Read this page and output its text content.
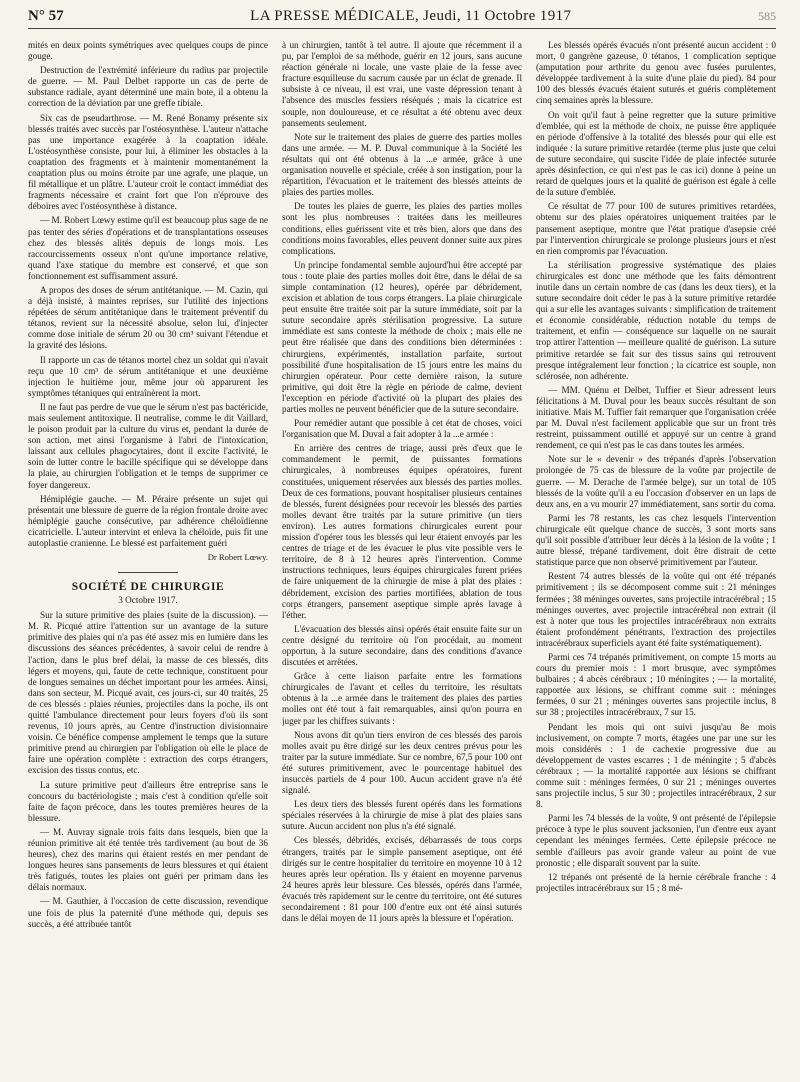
N° 57	LA PRESSE MÉDICALE, Jeudi, 11 Octobre 1917	585

mités en deux points symétriques avec quelques coups de pince gouge.

Destruction de l'extrémité inférieure du radius par projectile de guerre. — M. Paul Delbet rapporte un cas de perte de substance radiale, ayant déterminé une main bote, il a obtenu la correction de la déviation par une greffe tibiale.

Six cas de pseudarthrose. — M. René Bonamy présente six blessés traités avec succès par l'ostéosynthèse. L'auteur n'attache pas une importance exagérée à la coaptation idéale. L'ostéosynthèse consiste, pour lui, à éliminer les obstacles à la coaptation des fragments et à maintenir momentanément la coaptation plus ou moins étroite par une agrafe, une plaque, un fil métallique et un plâtre. L'auteur croit le contact immédiat des fragments nécessaire et craint fort que l'on n'éprouve des déboires avec l'ostéosynthèse à distance.

— M. Robert Lœwy estime qu'il est beaucoup plus sage de ne pas tenter des séries d'opérations et de transplantations osseuses chez des blessés alités depuis de longs mois. Les raccourcissements osseux n'ont qu'une importance relative, quand l'axe statique du membre est conservé, et que son fonctionnement est suffisamment assuré.

A propos des doses de sérum antitétanique. — M. Cazin, qui a déjà insisté, à maintes reprises, sur l'utilité des injections répétées de sérum antitétanique dans le traitement préventif du tétanos, revient sur la nécessité absolue, selon lui, d'injecter comme dose initiale de sérum 20 ou 30 cm³ suivant l'étendue et la gravité des lésions.

Il rapporte un cas de tétanos mortel chez un soldat qui n'avait reçu que 10 cm³ de sérum antitétanique et une deuxième injection le huitième jour, même jour où apparurent les symptômes tétaniques qui entraînèrent la mort.

Il ne faut pas perdre de vue que le sérum n'est pas bactéricide, mais seulement antitoxique. Il neutralise, comme le dit Vaillard, le poison produit par la culture du virus et, pendant la durée de son action, met ainsi l'organisme à l'abri de l'intoxication, laissant aux cellules phagocytaires, dont il excite l'activité, le soin de lutter contre le bacille spécifique qui se développe dans la plaie, au chirurgien l'obligation et le temps de supprimer ce foyer dangereux.

Hémiplégie gauche. — M. Péraire présente un sujet qui présentait une blessure de guerre de la région frontale droite avec hémiplégie gauche consécutive, par adhérence chéloïdienne cicatricielle. L'auteur intervint et enleva la chéloïde, puis fit une autoplastie cranienne. Le blessé est parfaitement guéri

Dr Robert Lœwy.
SOCIÉTÉ DE CHIRURGIE
3 Octobre 1917.

Sur la suture primitive des plaies (suite de la discussion). — M. R. Picqué attire l'attention sur un avantage de la suture primitive des plaies qui n'a pas été assez mis en lumière dans les discussions des séances précédentes, à savoir celui de rendre à l'action, dans le plus bref délai, la masse de ces blessés, dits légers et moyens, qui, faute de cette technique, constituent pour de longues semaines un déchet important pour les armées. Ainsi, dans son secteur, M. Picqué avait, ces jours-ci, sur 40 traités, 25 de ces blessés : plaies réunies, projectiles dans la poche, ils ont quitté l'ambulance directement pour leurs foyers d'où ils sont revenus, 10 jours après, au Centre d'instruction divisionnaire voisin. Ce bénéfice compense amplement le temps que la suture primitive prend au chirurgien par l'obligation où elle le place de faire une opération complète : extraction des corps étrangers, excision des tissus contus, etc.

La suture primitive peut d'ailleurs être entreprise sans le concours du bactériologiste ; mais c'est à condition qu'elle soit faite de façon précoce, dans les toutes premières heures de la blessure.

— M. Auvray signale trois faits dans lesquels, bien que la réunion primitive ait été tentée très tardivement (au bout de 36 heures), chez des marins qui étaient restés en mer pendant de longues heures sans pansements de leurs blessures et qui étaient très fatigués, toutes les plaies ont guéri per primam dans les délais normaux.

— M. Gauthier, à l'occasion de cette discussion, revendique une fois de plus la paternité d'une méthode qui, depuis ses succès, a été attribuée tantôt

à un chirurgien, tantôt à tel autre. Il ajoute que récemment il a pu, par l'emploi de sa méthode, guérir en 12 jours, sans aucune réaction générale ni locale, une vaste plaie de la fesse avec fracture esquilleuse du sacrum causée par un éclat de grenade. Il subsiste à ce niveau, il est vrai, une vaste dépression tenant à l'absence des muscles fessiers réséqués ; mais la cicatrice est souple, non douloureuse, et ce résultat a été obtenu avec deux pansements seulement.

Note sur le traitement des plaies de guerre des parties molles dans une armée. — M. P. Duval communique à la Société les résultats qui ont été obtenus à la ...e armée, grâce à une organisation nouvelle et spéciale, créée à son instigation, pour la répartition, l'évacuation et le traitement des blessés atteints de plaies des parties molles.

De toutes les plaies de guerre, les plaies des parties molles sont les plus nombreuses : traitées dans les meilleures conditions, elles guérissent vite et très bien, alors que dans des conditions moins favorables, elles peuvent donner suite aux pires complications.

Un principe fondamental semble aujourd'hui être accepté par tous : toute plaie des parties molles doit être, dans le délai de sa simple contamination (12 heures), opérée par débridement, excision et ablation de tous corps étrangers. La plaie chirurgicale peut ensuite être traitée soit par la suture immédiate, soit par la suture secondaire après stérilisation progressive. La suture immédiate est sans conteste la méthode de choix ; mais elle ne peut être réalisée que dans des conditions bien déterminées : chirurgiens, expérimentés, installation parfaite, surtout possibilité d'une hospitalisation de 15 jours entre les mains du chirurgien opérateur. Pour cette dernière raison, la suture primitive, qui doit être la règle en période de calme, devient l'exception en période d'activité où la plupart des plaies des parties molles ne peuvent bénéficier que de la suture secondaire.

Pour remédier autant que possible à cet état de choses, voici l'organisation que M. Duval a fait adopter à la ...e armée :

En arrière des centres de triage, aussi près d'eux que le commandement le permit, de puissantes formations chirurgicales, à nombreuses équipes opératoires, furent constituées, uniquement réservées aux blessés des parties molles. Deux de ces formations, pouvant hospitaliser plusieurs centaines de blessés, furent désignées pour recevoir les blessés des parties molles devant être traités par la suture primitive (un tiers environ). Les autres formations chirurgicales eurent pour mission d'opérer tous les blessés qui leur étaient envoyés par les centres de triage et de les évacuer le plus vite possible vers le territoire, de 8 à 12 heures après l'intervention. Comme instructions techniques, leurs équipes chirurgicales furent priées de faire uniquement de la chirurgie de mise à plat des plaies : débridement, excision des parties mortifiées, ablation de tous corps étrangers, pansement aseptique simple après lavage à l'éther.

L'évacuation des blessés ainsi opérés était ensuite faite sur un centre désigné du territoire où l'on procédait, au moment opportun, à la suture secondaire, dans des conditions d'avance discutées et arrêtées.

Grâce à cette liaison parfaite entre les formations chirurgicales de l'avant et celles du territoire, les résultats obtenus à la ...e armée dans le traitement des plaies des parties molles ont été tout à fait remarquables, ainsi qu'on pourra en juger par les chiffres suivants :

Nous avons dit qu'un tiers environ de ces blessés des parois molles avait pu être dirigé sur les deux centres prévus pour les traiter par la suture immédiate. Sur ce nombre, 67,5 pour 100 ont été sutures primitivement, avec le pourcentage habituel des insuccès partiels de 4 pour 100. Aucun accident grave n'a été signalé.

Les deux tiers des blessés furent opérés dans les formations spéciales réservées à la chirurgie de mise à plat des plaies sans suture. Aucun accident non plus n'a été signalé.

Ces blessés, débridés, excisés, débarrassés de tous corps étrangers, traités par le simple pansement aseptique, ont été dirigés sur le centre hospitalier du territoire en moyenne 10 à 12 heures après leur opération. Ils y étaient en moyenne parvenus 24 heures après leur blessure. Ces blessés, opérés dans l'armée, évacués très rapidement sur le centre du territoire, ont été sutures secondairement : 81 pour 100 d'entre eux ont été ainsi suturés dans le délai moyen de 11 jours après la blessure et l'opération.

Les blessés opérés évacués n'ont présenté aucun accident : 0 mort, 0 gangrène gazeuse, 0 tétanos, 1 complication septique (amputation pour arthrite du genou avec fusées purulentes, développée tardivement à la suite d'une plaie du pied). 84 pour 100 des blessés évacués étaient suturés et guéris complètement cinq semaines après la blessure.

On voit qu'il faut à peine regretter que la suture primitive d'emblée, qui est la méthode de choix, ne puisse être appliquée en période d'offensive à la totalité des blessés pour qui elle est indiquée : la suture primitive retardée (terme plus juste que celui de suture secondaire, qui suscite l'idée de plaie infectée suturée après désinfection, ce qui n'est pas le cas ici) donne à peine un retard de quelques jours et la qualité de guérison est égale à celle de la suture d'emblée.

Ce résultat de 77 pour 100 de sutures primitives retardées, obtenu sur des plaies opératoires uniquement traitées par le pansement aseptique, montre que l'état pratique d'asepsie créé par l'intervention chirurgicale se prolonge plusieurs jours et n'est en rien compromis par l'évacuation.

La stérilisation progressive systématique des plaies chirurgicales est donc une méthode que les faits démontrent inutile dans un certain nombre de cas (dans les deux tiers), et la suture secondaire doit céder le pas à la suture primitive retardée qui a sur elle les avantages suivants : simplification de traitement et économie considérable, réduction notable du temps de traitement, et enfin — conséquence sur laquelle on ne saurait trop attirer l'attention — meilleure qualité de guérison. La suture primitive retardée se fait sur des tissus sains qui retrouvent presque intégralement leur fonction ; la cicatrice est souple, non sclérosée, non adhérente.

— MM. Quénu et Delbet, Tuffier et Sieur adressent leurs félicitations à M. Duval pour les beaux succès résultant de son initiative. Mais M. Tuffier fait remarquer que l'organisation créée par M. Duval n'est facilement applicable que sur un front très restreint, puissamment outillé et appuyé sur un centre à grand rendement, ce qui n'est pas le cas dans toutes les armées.

Note sur le « devenir » des trépanés d'après l'observation prolongée de 75 cas de blessure de la voûte par projectile de guerre. — M. Derache de l'armée belge), sur un total de 105 blessés de la voûte qu'il a eu l'occasion d'observer en un laps de deux ans, en a vu mourir 27 immédiatement, sans sortir du coma.

Parmi les 78 restants, les cas chez lesquels l'intervention chirurgicale eût quelque chance de succès, 3 sont morts sans qu'il soit possible d'attribuer leur décès à la lésion de la voûte ; 1 autre blessé, trépané tardivement, doit être distrait de cette statistique parce que non observé primitivement par l'auteur.

Restent 74 autres blessés de la voûte qui ont été trépanés primitivement ; ils se décomposent comme suit : 21 méninges fermées ; 38 méninges ouvertes, sans projectile intracérébral ; 15 méninges ouvertes, avec projectile intracérébral non extrait (il est à noter que tous les projectiles intracérébraux non extraits étaient profondément pénétrants, l'extraction des projectiles intracérébraux superficiels ayant été faite systématiquement).

Parmi ces 74 trépanés primitivement, on compte 15 morts au cours du premier mois : 1 mort brusque, avec symptômes bulbaires ; 4 abcès cérébraux ; 10 méningites ; — la mortalité, rapportée aux lésions, se chiffrant comme suit : méninges fermées, 0 sur 21 ; méninges ouvertes sans projectile inclus, 8 sur 38 ; projectiles intracérébraux, 7 sur 15.

Pendant les mois qui ont suivi jusqu'au 8e mois inclusivement, on compte 7 morts, étagées une par une sur les mois considérés : 1 de cachexie progressive due au développement de vastes escarres ; 1 de méningite ; 5 d'abcès cérébraux ; — la mortalité rapportée aux lésions se chiffrant comme suit : méninges fermées, 0 sur 21 ; méninges ouvertes sans projectile inclus, 5 sur 30 ; projectiles intracérébraux, 2 sur 8.

Parmi les 74 blessés de la voûte, 9 ont présenté de l'épilepsie précoce à type le plus souvent jacksonien, l'un d'entre eux ayant cependant les méninges fermées. Cette épilepsie précoce ne semble d'ailleurs pas avoir grande valeur au point de vue pronostic ; elle disparaît souvent par la suite.

12 trépanés ont présenté de la hernie cérébrale franche : 4 projectiles intracérébraux sur 15 ; 8 mé-
